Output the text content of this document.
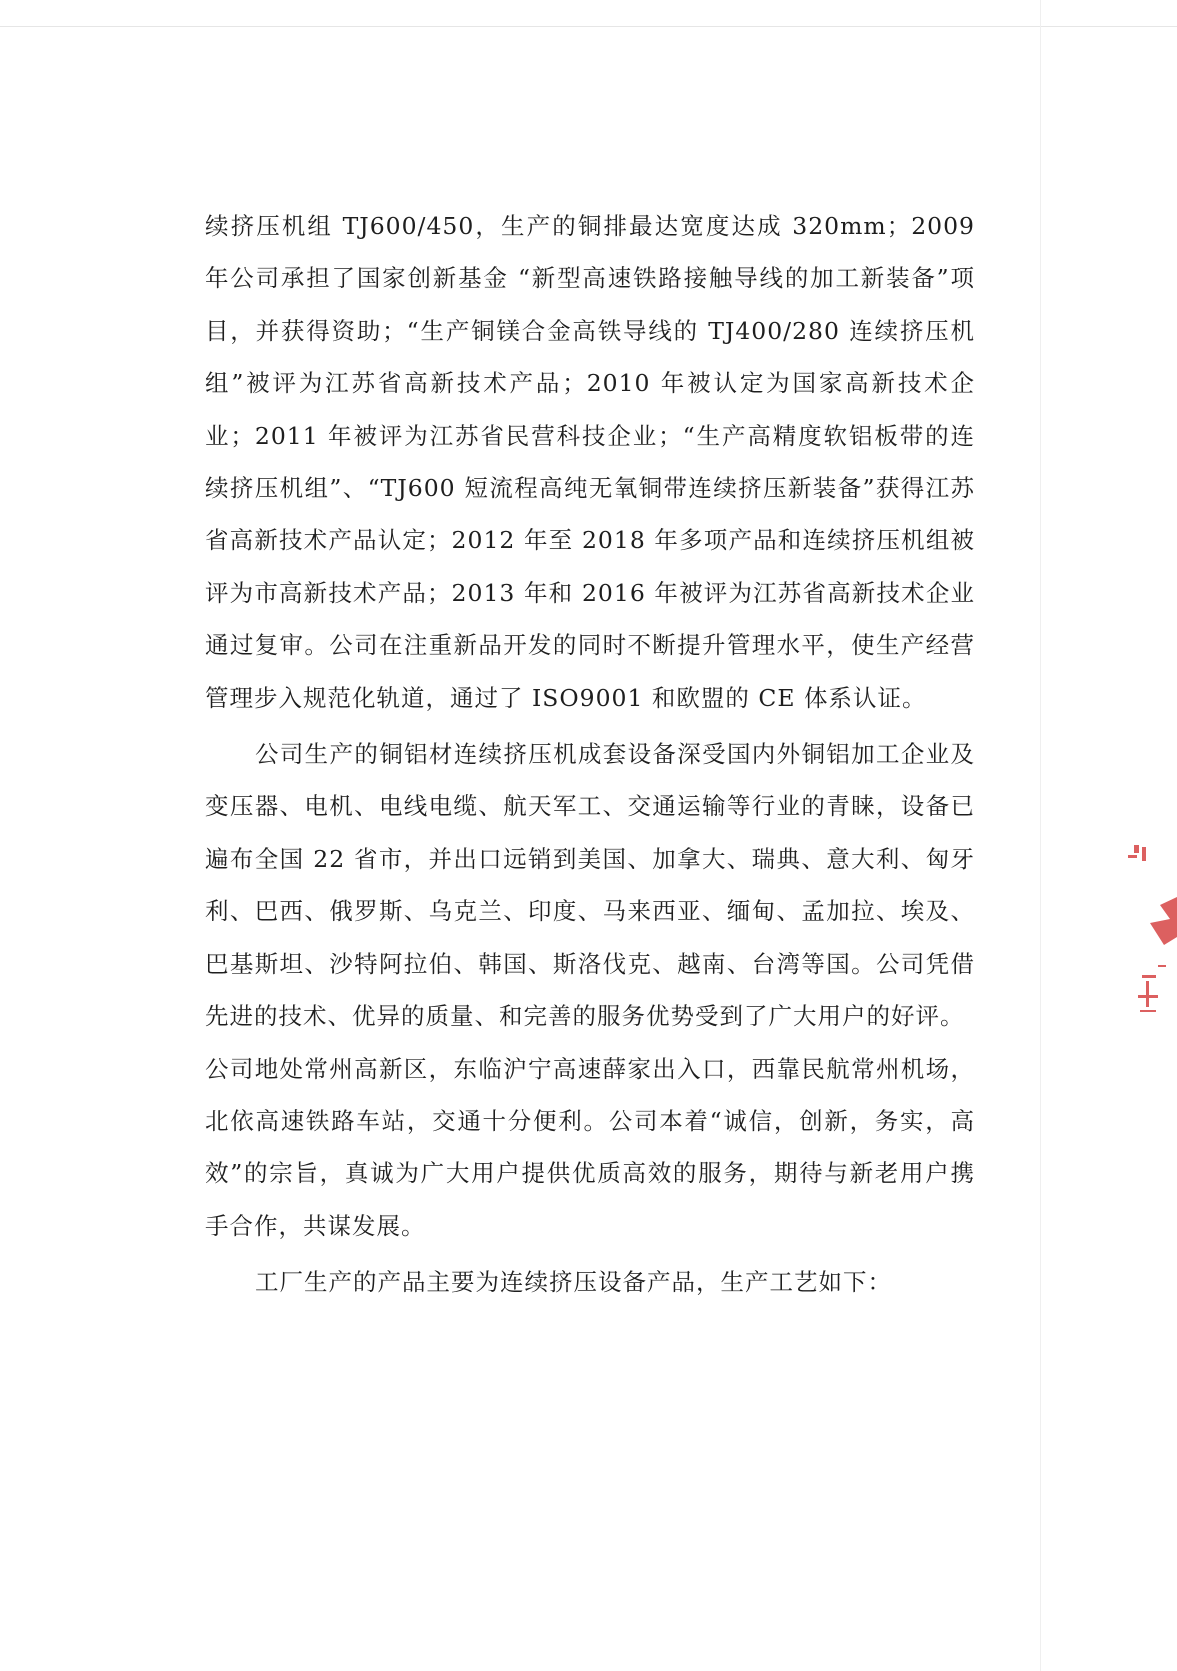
续挤压机组 TJ600/450，生产的铜排最达宽度达成 320mm；2009 年公司承担了国家创新基金 “新型高速铁路接触导线的加工新装备”项目，并获得资助；“生产铜镁合金高铁导线的 TJ400/280 连续挤压机组”被评为江苏省高新技术产品；2010 年被认定为国家高新技术企业；2011 年被评为江苏省民营科技企业；“生产高精度软铝板带的连续挤压机组”、“TJ600 短流程高纯无氧铜带连续挤压新装备”获得江苏省高新技术产品认定；2012 年至 2018 年多项产品和连续挤压机组被评为市高新技术产品；2013 年和 2016 年被评为江苏省高新技术企业通过复审。公司在注重新品开发的同时不断提升管理水平，使生产经营管理步入规范化轨道，通过了 ISO9001 和欧盟的 CE 体系认证。

公司生产的铜铝材连续挤压机成套设备深受国内外铜铝加工企业及变压器、电机、电线电缆、航天军工、交通运输等行业的青睐，设备已遍布全国 22 省市，并出口远销到美国、加拿大、瑞典、意大利、匈牙利、巴西、俄罗斯、乌克兰、印度、马来西亚、缅甸、孟加拉、埃及、巴基斯坦、沙特阿拉伯、韩国、斯洛伐克、越南、台湾等国。公司凭借先进的技术、优异的质量、和完善的服务优势受到了广大用户的好评。

公司地处常州高新区，东临沪宁高速薛家出入口，西靠民航常州机场，北依高速铁路车站，交通十分便利。公司本着“诚信，创新，务实，高效”的宗旨，真诚为广大用户提供优质高效的服务，期待与新老用户携手合作，共谋发展。

工厂生产的产品主要为连续挤压设备产品，生产工艺如下：
